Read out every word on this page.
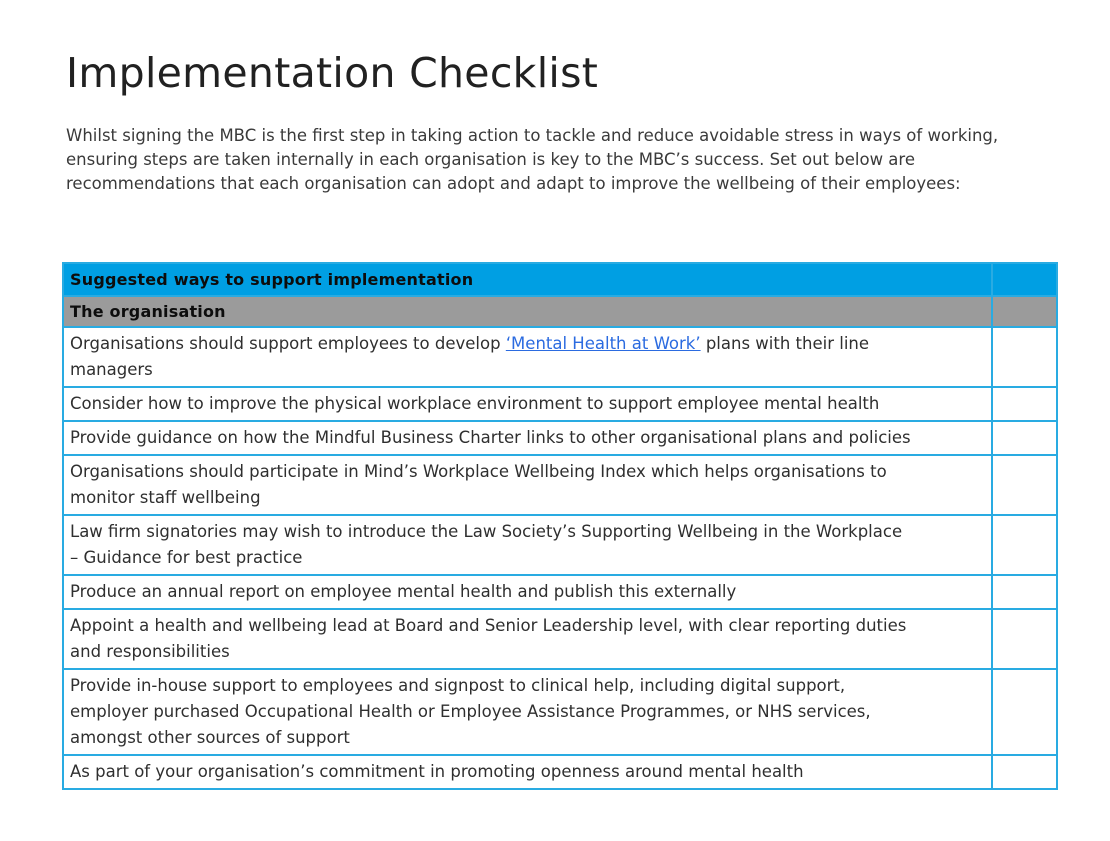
Implementation Checklist

Whilst signing the MBC is the first step in taking action to tackle and reduce avoidable stress in ways of working, ensuring steps are taken internally in each organisation is key to the MBC’s success. Set out below are recommendations that each organisation can adopt and adapt to improve the wellbeing of their employees:

Suggested ways to support implementation	
The organisation	
Organisations should support employees to develop ‘Mental Health at Work’ plans with their line managers	
Consider how to improve the physical workplace environment to support employee mental health	
Provide guidance on how the Mindful Business Charter links to other organisational plans and policies	
Organisations should participate in Mind’s Workplace Wellbeing Index which helps organisations to monitor staff wellbeing	
Law firm signatories may wish to introduce the Law Society’s Supporting Wellbeing in the Workplace – Guidance for best practice	
Produce an annual report on employee mental health and publish this externally	
Appoint a health and wellbeing lead at Board and Senior Leadership level, with clear reporting duties and responsibilities	
Provide in-house support to employees and signpost to clinical help, including digital support, employer purchased Occupational Health or Employee Assistance Programmes, or NHS services, amongst other sources of support	
As part of your organisation’s commitment in promoting openness around mental health	
